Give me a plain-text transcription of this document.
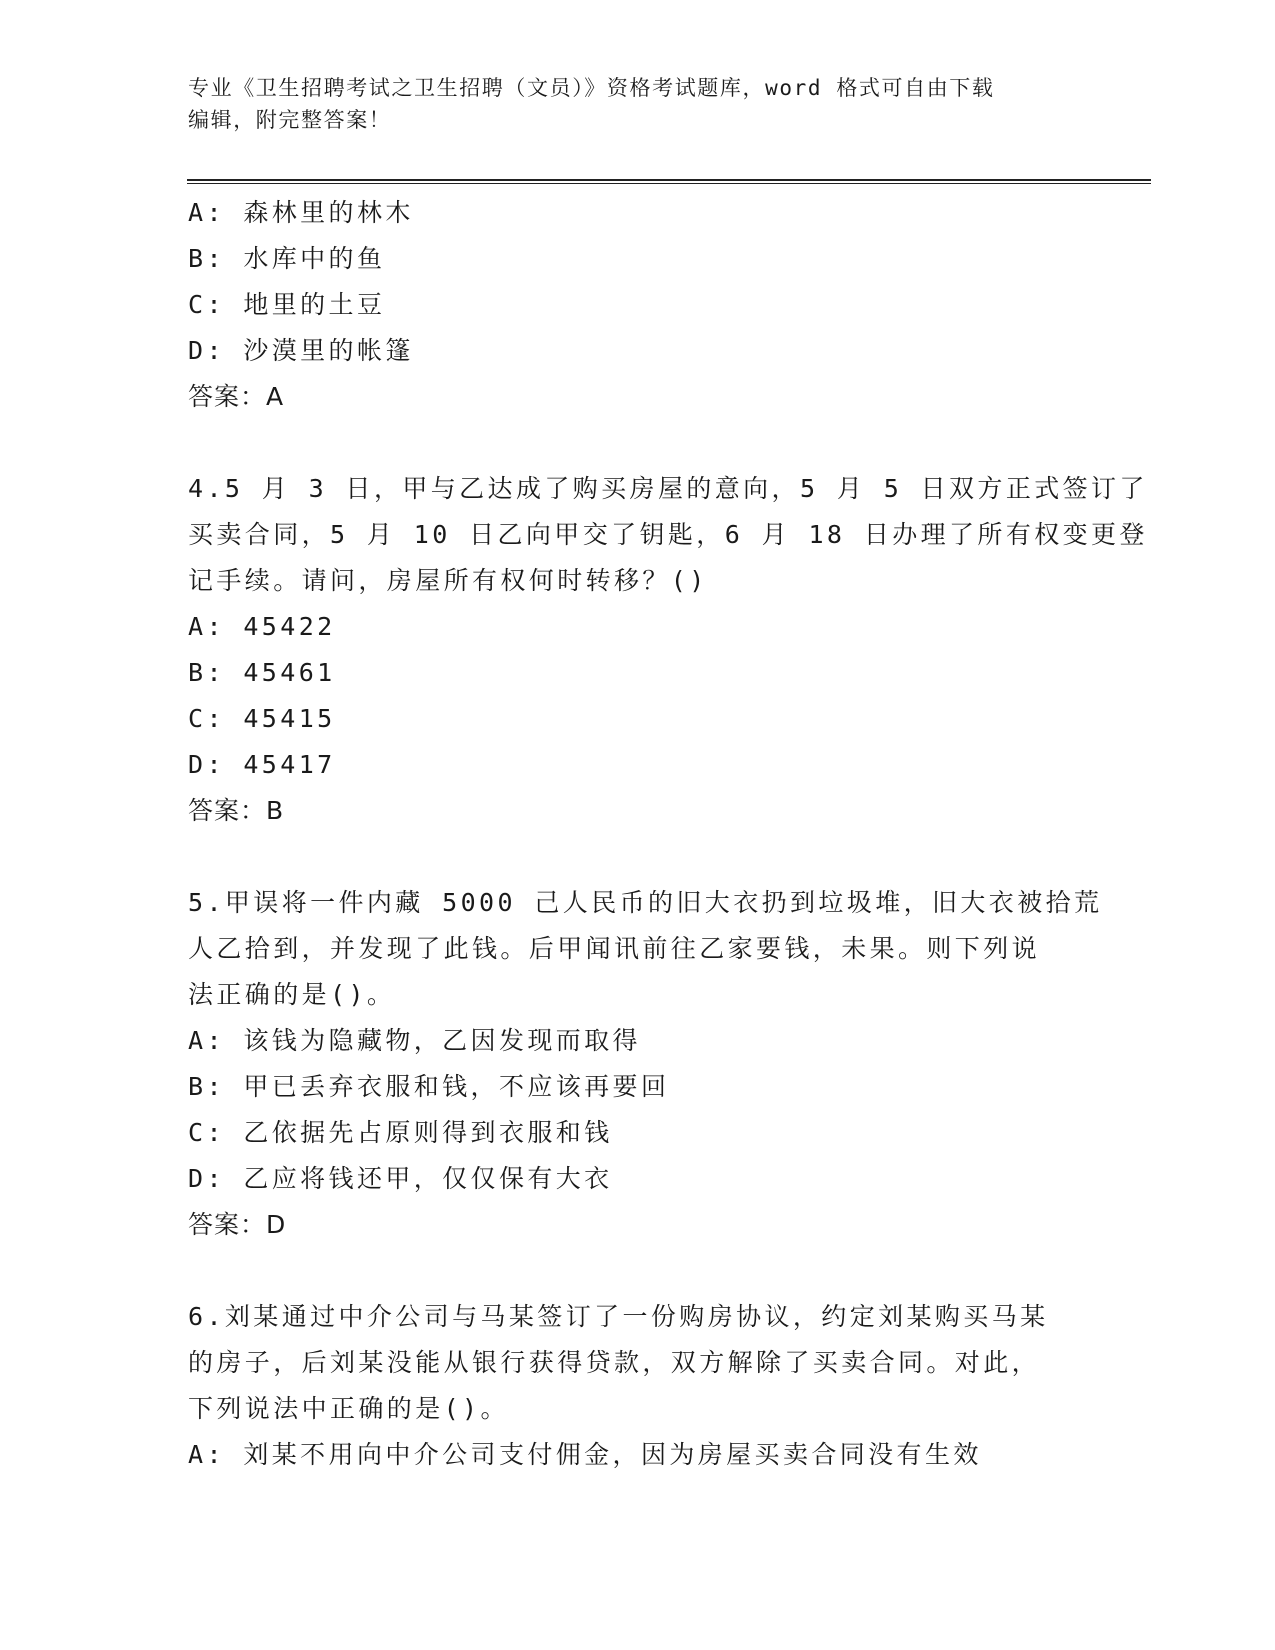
专业《卫生招聘考试之卫生招聘（文员）》资格考试题库，word 格式可自由下载
编辑，附完整答案！
A: 森林里的林木
B: 水库中的鱼
C: 地里的土豆
D: 沙漠里的帐篷
答案：A
4.5 月 3 日，甲与乙达成了购买房屋的意向，5 月 5 日双方正式签订了
买卖合同，5 月 10 日乙向甲交了钥匙，6 月 18 日办理了所有权变更登
记手续。请问，房屋所有权何时转移？()
A: 45422
B: 45461
C: 45415
D: 45417
答案：B
5.甲误将一件内藏 5000 己人民币的旧大衣扔到垃圾堆，旧大衣被拾荒
人乙拾到，并发现了此钱。后甲闻讯前往乙家要钱，未果。则下列说
法正确的是()。
A: 该钱为隐藏物，乙因发现而取得
B: 甲已丢弃衣服和钱，不应该再要回
C: 乙依据先占原则得到衣服和钱
D: 乙应将钱还甲，仅仅保有大衣
答案：D
6.刘某通过中介公司与马某签订了一份购房协议，约定刘某购买马某
的房子，后刘某没能从银行获得贷款，双方解除了买卖合同。对此，
下列说法中正确的是()。
A: 刘某不用向中介公司支付佣金，因为房屋买卖合同没有生效
